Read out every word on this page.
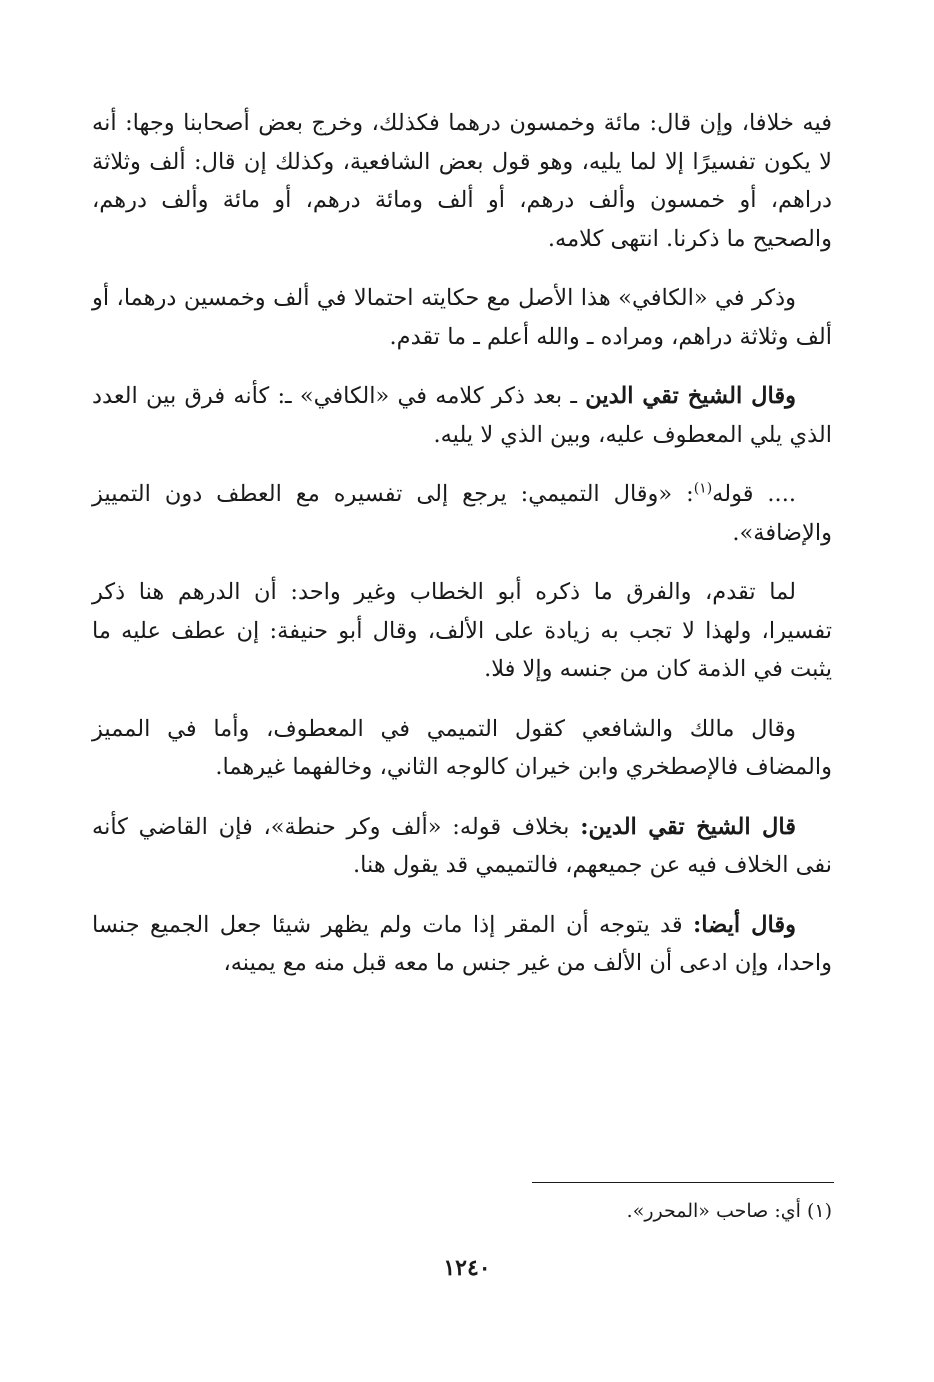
فيه خلافا، وإن قال: مائة وخمسون درهما فكذلك، وخرج بعض أصحابنا وجها: أنه لا يكون تفسيرًا إلا لما يليه، وهو قول بعض الشافعية، وكذلك إن قال: ألف وثلاثة دراهم، أو خمسون وألف درهم، أو ألف ومائة درهم، أو مائة وألف درهم، والصحيح ما ذكرنا. انتهى كلامه.

وذكر في «الكافي» هذا الأصل مع حكايته احتمالا في ألف وخمسين درهما، أو ألف وثلاثة دراهم، ومراده ـ والله أعلم ـ ما تقدم.

وقال الشيخ تقي الدين ـ بعد ذكر كلامه في «الكافي» ـ: كأنه فرق بين العدد الذي يلي المعطوف عليه، وبين الذي لا يليه.

.... قوله$^{(١)}$: «وقال التميمي: يرجع إلى تفسيره مع العطف دون التمييز والإضافة».

لما تقدم، والفرق ما ذكره أبو الخطاب وغير واحد: أن الدرهم هنا ذكر تفسيرا، ولهذا لا تجب به زيادة على الألف، وقال أبو حنيفة: إن عطف عليه ما يثبت في الذمة كان من جنسه وإلا فلا.

وقال مالك والشافعي كقول التميمي في المعطوف، وأما في المميز والمضاف فالإصطخري وابن خيران كالوجه الثاني، وخالفهما غيرهما.

قال الشيخ تقي الدين: بخلاف قوله: «ألف وكر حنطة»، فإن القاضي كأنه نفى الخلاف فيه عن جميعهم، فالتميمي قد يقول هنا.

وقال أيضا: قد يتوجه أن المقر إذا مات ولم يظهر شيئا جعل الجميع جنسا واحدا، وإن ادعى أن الألف من غير جنس ما معه قبل منه مع يمينه،

(١) أي: صاحب «المحرر».
١٢٤٠
